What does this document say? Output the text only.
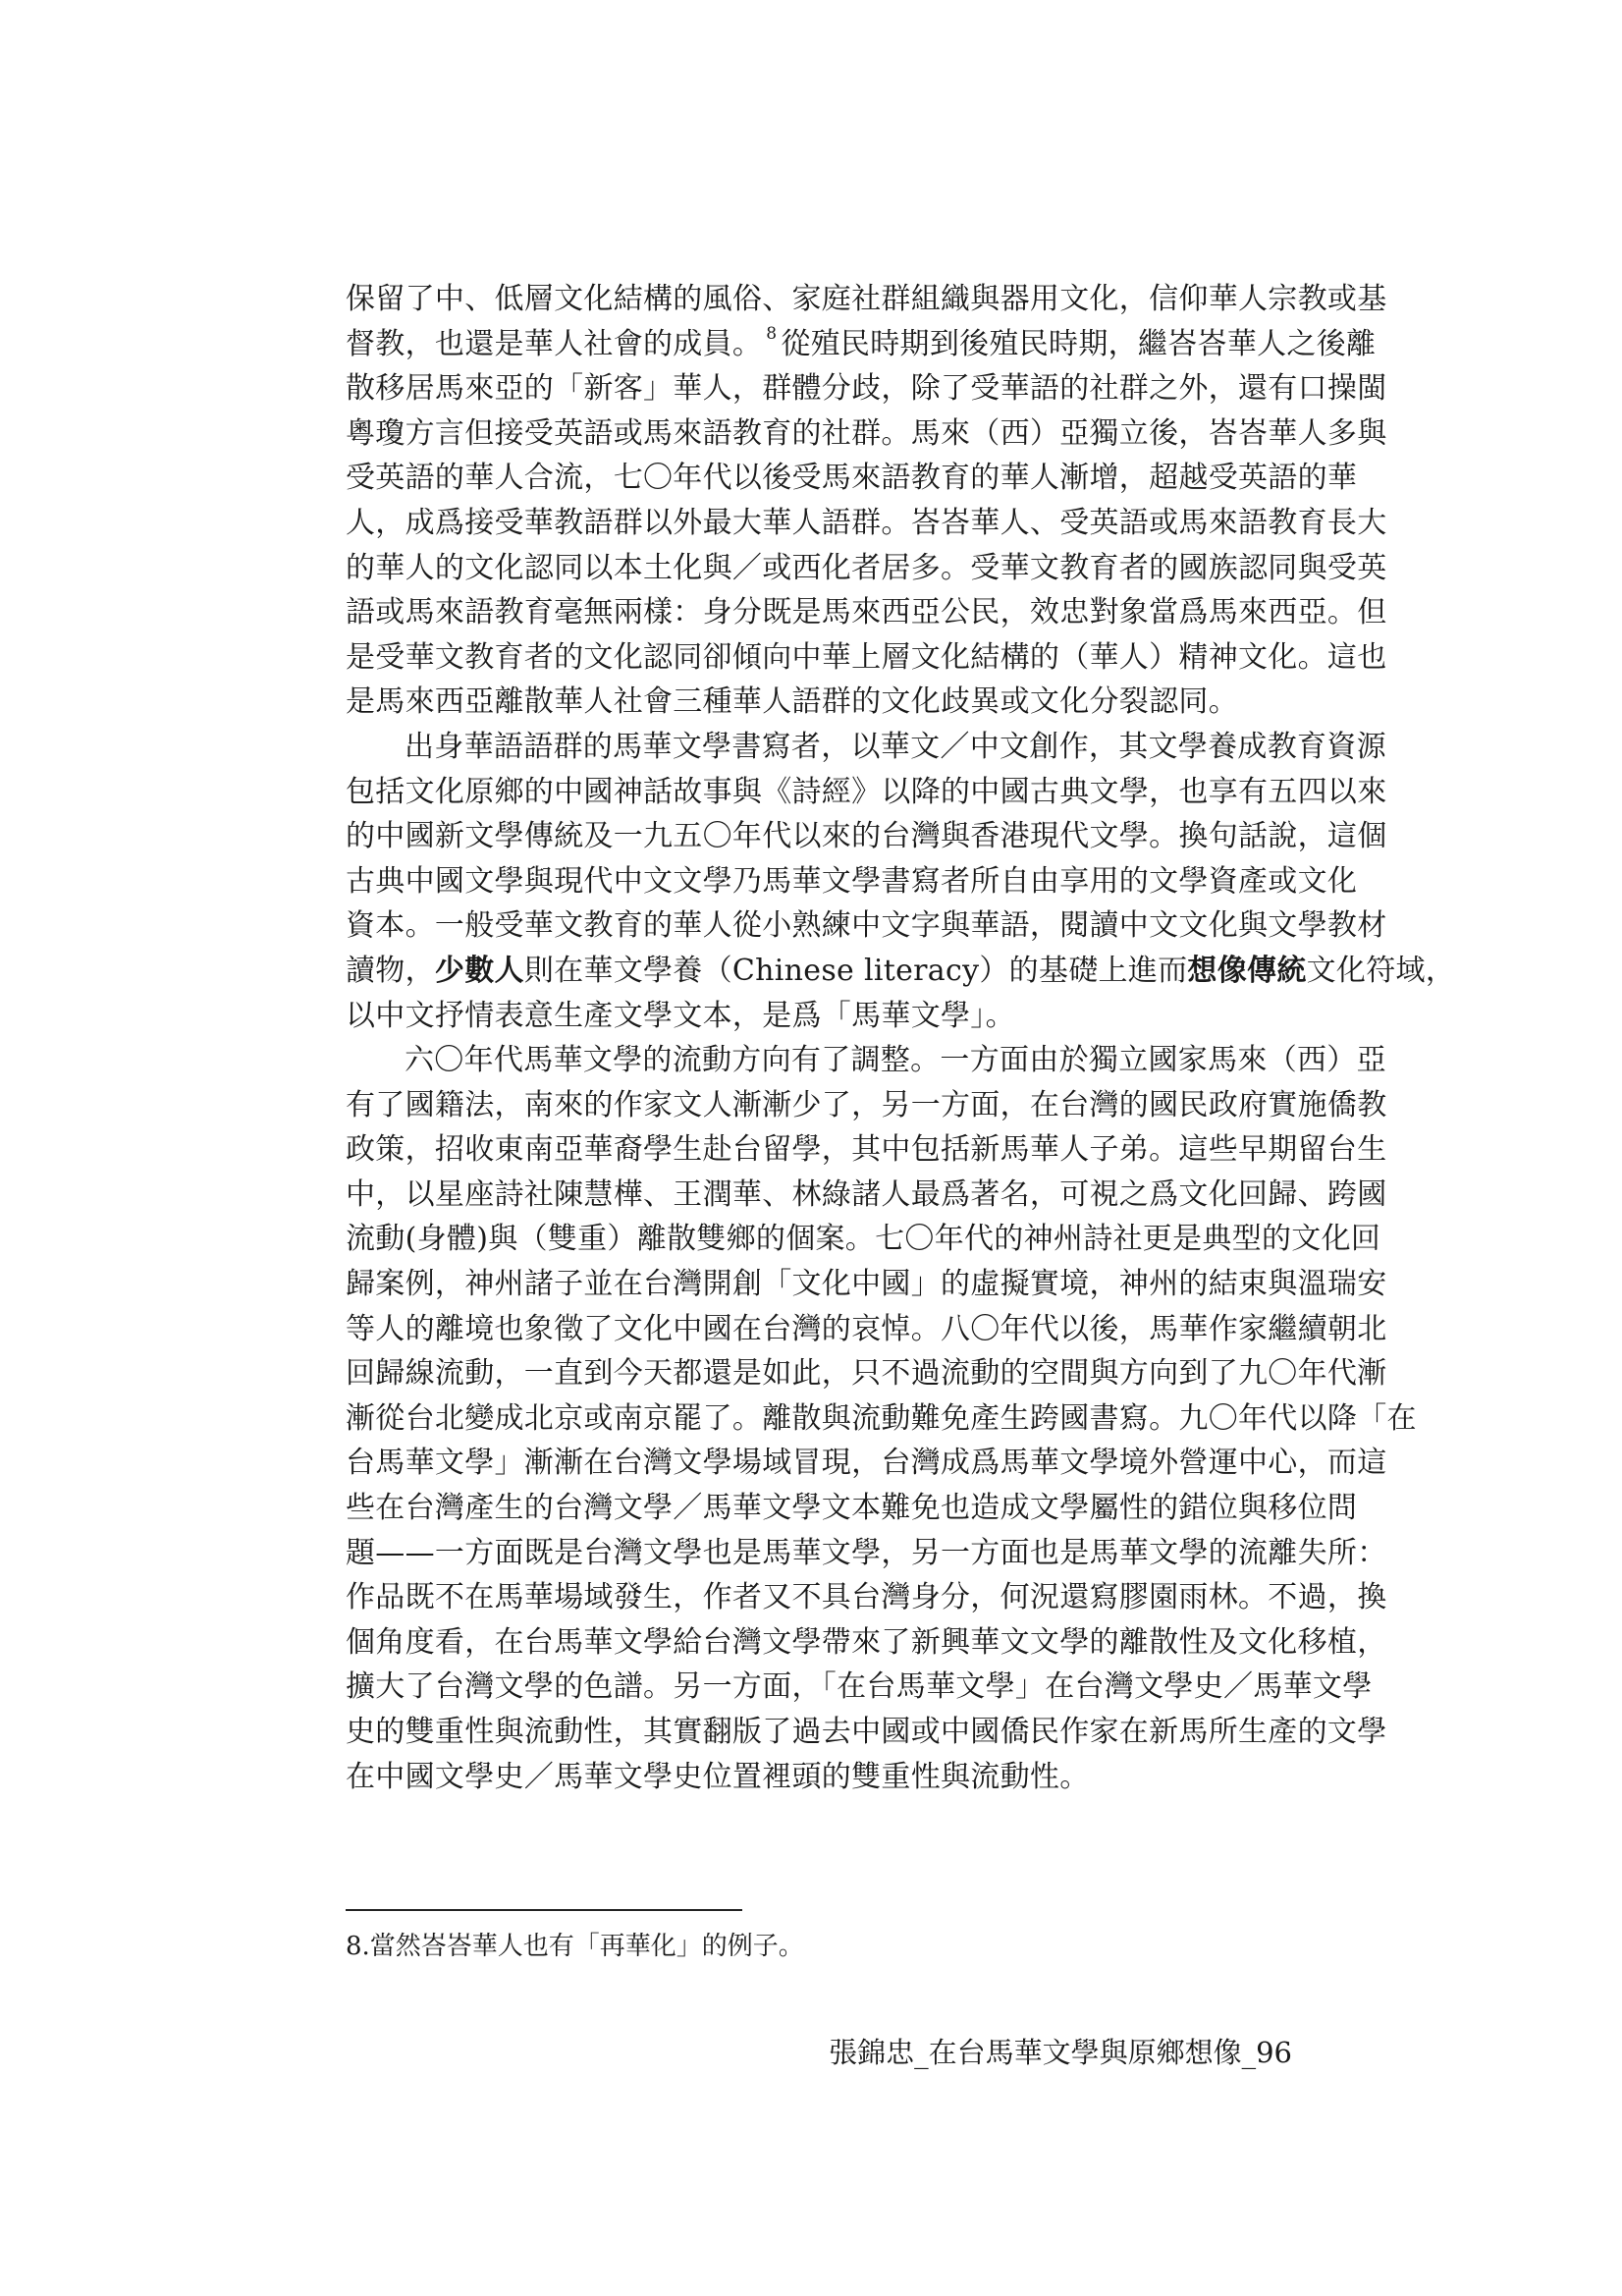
保留了中、低層文化結構的風俗、家庭社群組織與器用文化，信仰華人宗教或基
督教，也還是華人社會的成員。 $^8$ 從殖民時期到後殖民時期，繼峇峇華人之後離
散移居馬來亞的「新客」華人，群體分歧，除了受華語的社群之外，還有口操閩
粵瓊方言但接受英語或馬來語教育的社群。馬來（西）亞獨立後，峇峇華人多與
受英語的華人合流，七〇年代以後受馬來語教育的華人漸增，超越受英語的華
人，成爲接受華教語群以外最大華人語群。峇峇華人、受英語或馬來語教育長大
的華人的文化認同以本土化與／或西化者居多。受華文教育者的國族認同與受英
語或馬來語教育毫無兩樣：身分既是馬來西亞公民，效忠對象當爲馬來西亞。但
是受華文教育者的文化認同卻傾向中華上層文化結構的（華人）精神文化。這也
是馬來西亞離散華人社會三種華人語群的文化歧異或文化分裂認同。
出身華語語群的馬華文學書寫者，以華文／中文創作，其文學養成教育資源
包括文化原鄉的中國神話故事與《詩經》以降的中國古典文學，也享有五四以來
的中國新文學傳統及一九五〇年代以來的台灣與香港現代文學。換句話說，這個
古典中國文學與現代中文文學乃馬華文學書寫者所自由享用的文學資產或文化
資本。一般受華文教育的華人從小熟練中文字與華語，閱讀中文文化與文學教材
讀物，少數人則在華文學養（Chinese literacy）的基礎上進而想像傳統文化符域，
以中文抒情表意生產文學文本，是爲「馬華文學」。
六〇年代馬華文學的流動方向有了調整。一方面由於獨立國家馬來（西）亞
有了國籍法，南來的作家文人漸漸少了，另一方面，在台灣的國民政府實施僑教
政策，招收東南亞華裔學生赴台留學，其中包括新馬華人子弟。這些早期留台生
中，以星座詩社陳慧樺、王潤華、林綠諸人最爲著名，可視之爲文化回歸、跨國
流動(身體)與（雙重）離散雙鄉的個案。七〇年代的神州詩社更是典型的文化回
歸案例，神州諸子並在台灣開創「文化中國」的虛擬實境，神州的結束與溫瑞安
等人的離境也象徵了文化中國在台灣的哀悼。八〇年代以後，馬華作家繼續朝北
回歸線流動，一直到今天都還是如此，只不過流動的空間與方向到了九〇年代漸
漸從台北變成北京或南京罷了。離散與流動難免產生跨國書寫。九〇年代以降「在
台馬華文學」漸漸在台灣文學場域冒現，台灣成爲馬華文學境外營運中心，而這
些在台灣產生的台灣文學／馬華文學文本難免也造成文學屬性的錯位與移位問
題——一方面既是台灣文學也是馬華文學，另一方面也是馬華文學的流離失所：
作品既不在馬華場域發生，作者又不具台灣身分，何況還寫膠園雨林。不過，換
個角度看，在台馬華文學給台灣文學帶來了新興華文文學的離散性及文化移植，
擴大了台灣文學的色譜。另一方面，「在台馬華文學」在台灣文學史／馬華文學
史的雙重性與流動性，其實翻版了過去中國或中國僑民作家在新馬所生產的文學
在中國文學史／馬華文學史位置裡頭的雙重性與流動性。
8.當然峇峇華人也有「再華化」的例子。
張錦忠_在台馬華文學與原鄉想像_96
